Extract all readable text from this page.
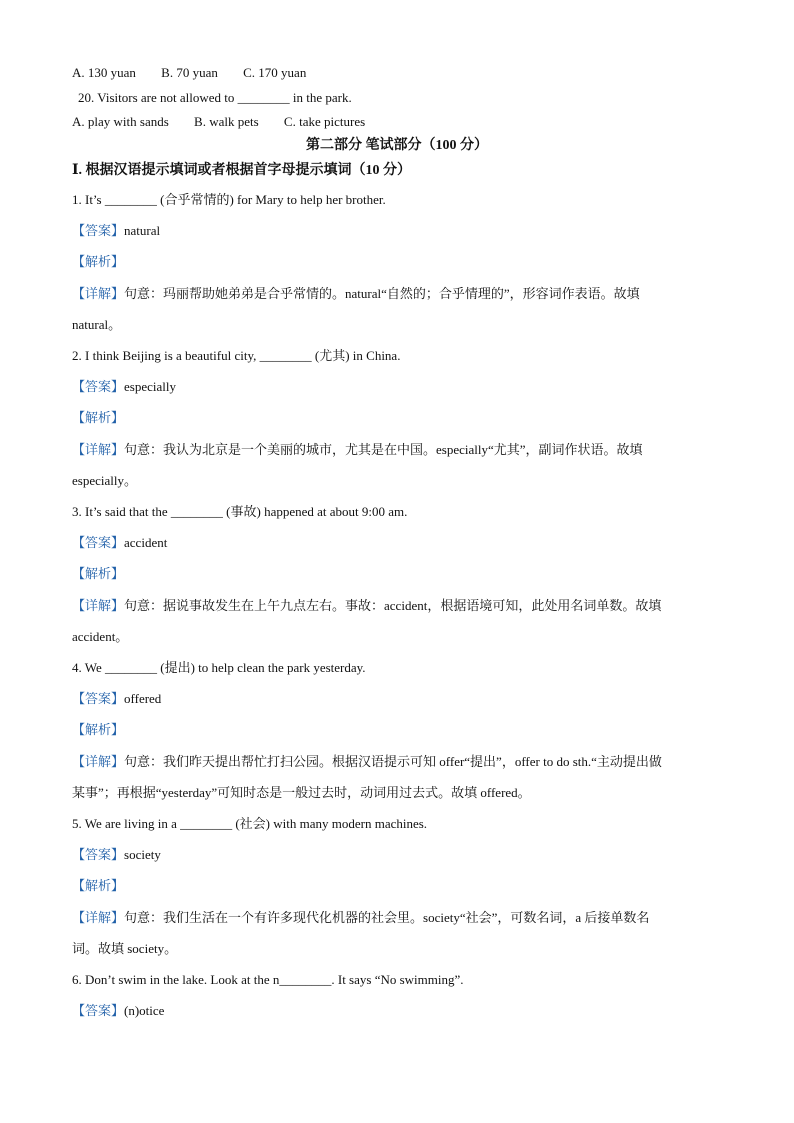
A. 130 yuan B. 70 yuan C. 170 yuan
20. Visitors are not allowed to ________ in the park.
A. play with sands B. walk pets C. take pictures
第二部分 笔试部分（100 分）
Ⅰ. 根据汉语提示填词或者根据首字母提示填词（10 分）
1. It’s ________ (合乎常情的) for Mary to help her brother.
【答案】natural
【解析】
【详解】句意：玛丽帮助她弟弟是合乎常情的。natural“自然的；合乎情理的”，形容词作表语。故填
natural。
2. I think Beijing is a beautiful city, ________ (尤其) in China.
【答案】especially
【解析】
【详解】句意：我认为北京是一个美丽的城市，尤其是在中国。especially“尤其”，副词作状语。故填
especially。
3. It’s said that the ________ (事故) happened at about 9:00 am.
【答案】accident
【解析】
【详解】句意：据说事故发生在上午九点左右。事故：accident，根据语境可知，此处用名词单数。故填
accident。
4. We ________ (提出) to help clean the park yesterday.
【答案】offered
【解析】
【详解】句意：我们昨天提出帮忙打扫公园。根据汉语提示可知 offer“提出”，offer to do sth.“主动提出做
某事”；再根据“yesterday”可知时态是一般过去时，动词用过去式。故填 offered。
5. We are living in a ________ (社会) with many modern machines.
【答案】society
【解析】
【详解】句意：我们生活在一个有许多现代化机器的社会里。society“社会”，可数名词，a 后接单数名
词。故填 society。
6. Don’t swim in the lake. Look at the n________. It says “No swimming”.
【答案】(n)otice
